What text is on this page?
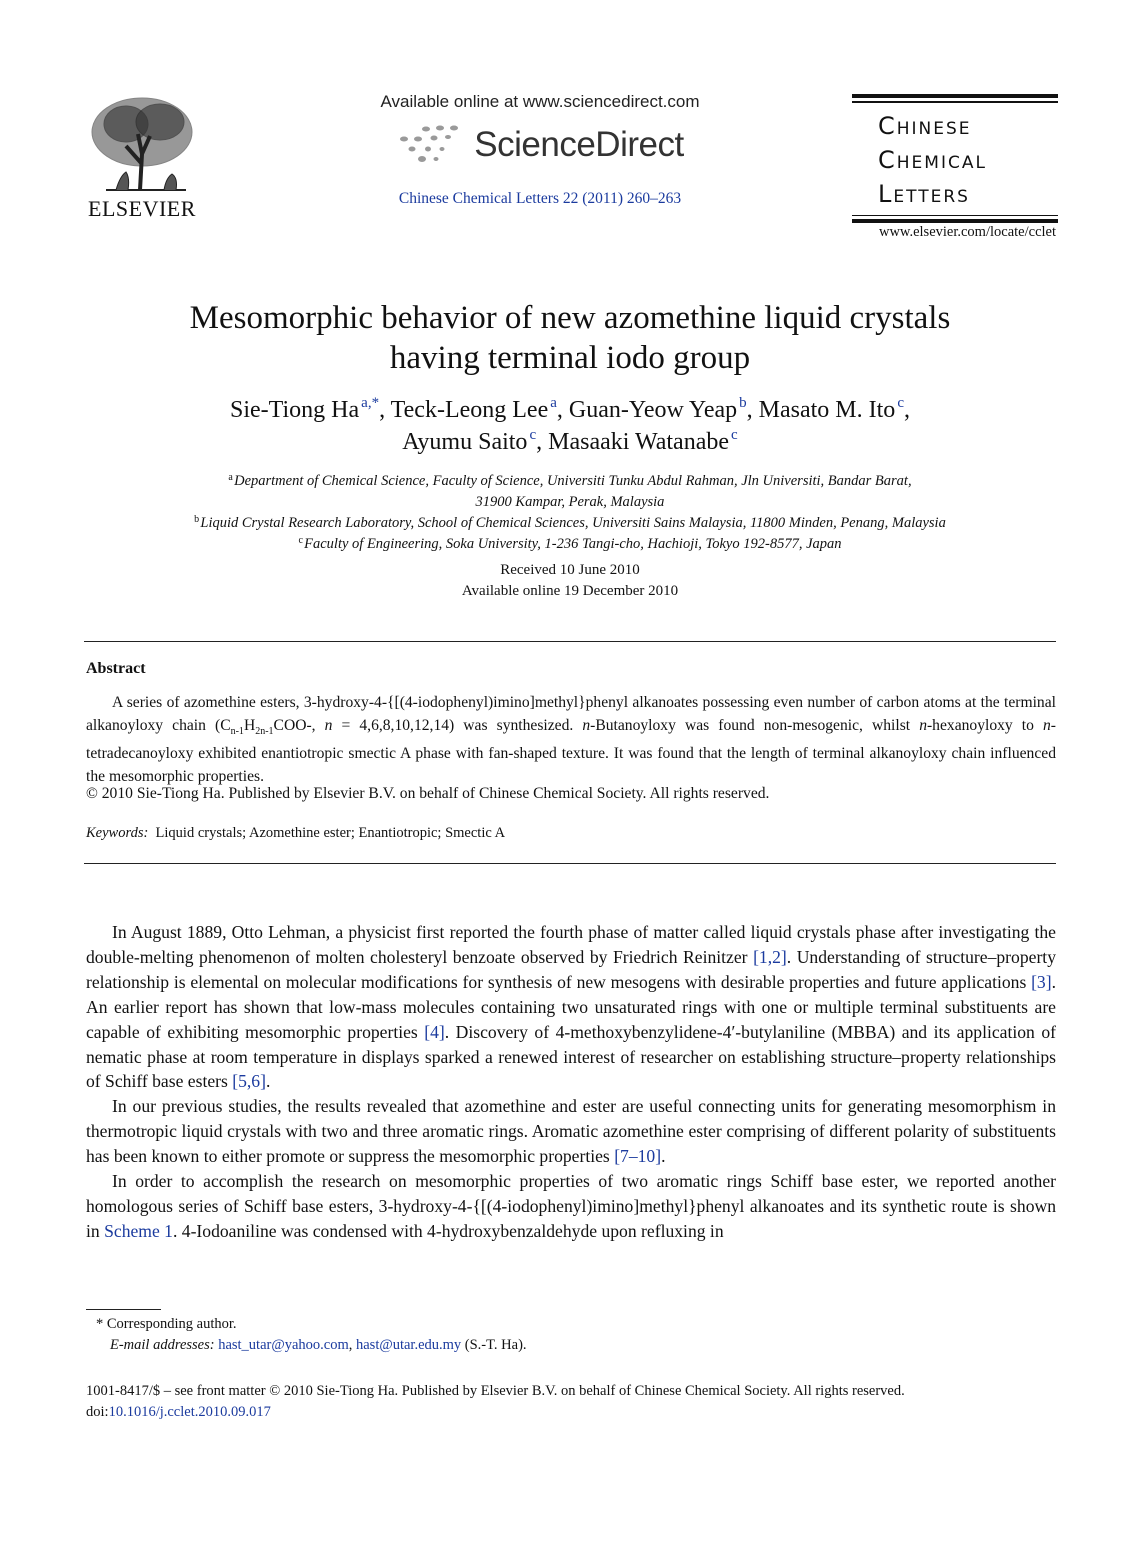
ELSEVIER
Available online at www.sciencedirect.com
ScienceDirect
Chinese Chemical Letters 22 (2011) 260–263
Chinese
Chemical
Letters
www.elsevier.com/locate/cclet
Mesomorphic behavior of new azomethine liquid crystals
having terminal iodo group
Sie-Tiong Ha  $^{a,*}$, Teck-Leong Lee  $^a$, Guan-Yeow Yeap  $^b$, Masato M. Ito  $^c$,
Ayumu Saito  $^c$, Masaaki Watanabe  $^c$
$^a$ Department of Chemical Science, Faculty of Science, Universiti Tunku Abdul Rahman, Jln Universiti, Bandar Barat,
31900 Kampar, Perak, Malaysia
$^b$ Liquid Crystal Research Laboratory, School of Chemical Sciences, Universiti Sains Malaysia, 11800 Minden, Penang, Malaysia
$^c$ Faculty of Engineering, Soka University, 1-236 Tangi-cho, Hachioji, Tokyo 192-8577, Japan
Received 10 June 2010
Available online 19 December 2010
Abstract

A series of azomethine esters, 3-hydroxy-4-{[(4-iodophenyl)imino]methyl}phenyl alkanoates possessing even number of carbon atoms at the terminal alkanoyloxy chain ($C_{n-1}H_{2n-1}COO-$, n = 4,6,8,10,12,14) was synthesized. n-Butanoyloxy was found non-mesogenic, whilst n-hexanoyloxy to n-tetradecanoyloxy exhibited enantiotropic smectic A phase with fan-shaped texture. It was found that the length of terminal alkanoyloxy chain influenced the mesomorphic properties.

© 2010 Sie-Tiong Ha. Published by Elsevier B.V. on behalf of Chinese Chemical Society. All rights reserved.
Keywords: Liquid crystals; Azomethine ester; Enantiotropic; Smectic A

In August 1889, Otto Lehman, a physicist first reported the fourth phase of matter called liquid crystals phase after investigating the double-melting phenomenon of molten cholesteryl benzoate observed by Friedrich Reinitzer [1,2]. Understanding of structure–property relationship is elemental on molecular modifications for synthesis of new mesogens with desirable properties and future applications [3]. An earlier report has shown that low-mass molecules containing two unsaturated rings with one or multiple terminal substituents are capable of exhibiting mesomorphic properties [4]. Discovery of 4-methoxybenzylidene-4′-butylaniline (MBBA) and its application of nematic phase at room temperature in displays sparked a renewed interest of researcher on establishing structure–property relationships of Schiff base esters [5,6].

In our previous studies, the results revealed that azomethine and ester are useful connecting units for generating mesomorphism in thermotropic liquid crystals with two and three aromatic rings. Aromatic azomethine ester comprising of different polarity of substituents has been known to either promote or suppress the mesomorphic properties [7–10].

In order to accomplish the research on mesomorphic properties of two aromatic rings Schiff base ester, we reported another homologous series of Schiff base esters, 3-hydroxy-4-{[(4-iodophenyl)imino]methyl}phenyl alkanoates and its synthetic route is shown in Scheme 1. 4-Iodoaniline was condensed with 4-hydroxybenzaldehyde upon refluxing in

* Corresponding author.
E-mail addresses: hast_utar@yahoo.com, hast@utar.edu.my (S.-T. Ha).
1001-8417/$ – see front matter © 2010 Sie-Tiong Ha. Published by Elsevier B.V. on behalf of Chinese Chemical Society. All rights reserved.
doi:10.1016/j.cclet.2010.09.017
